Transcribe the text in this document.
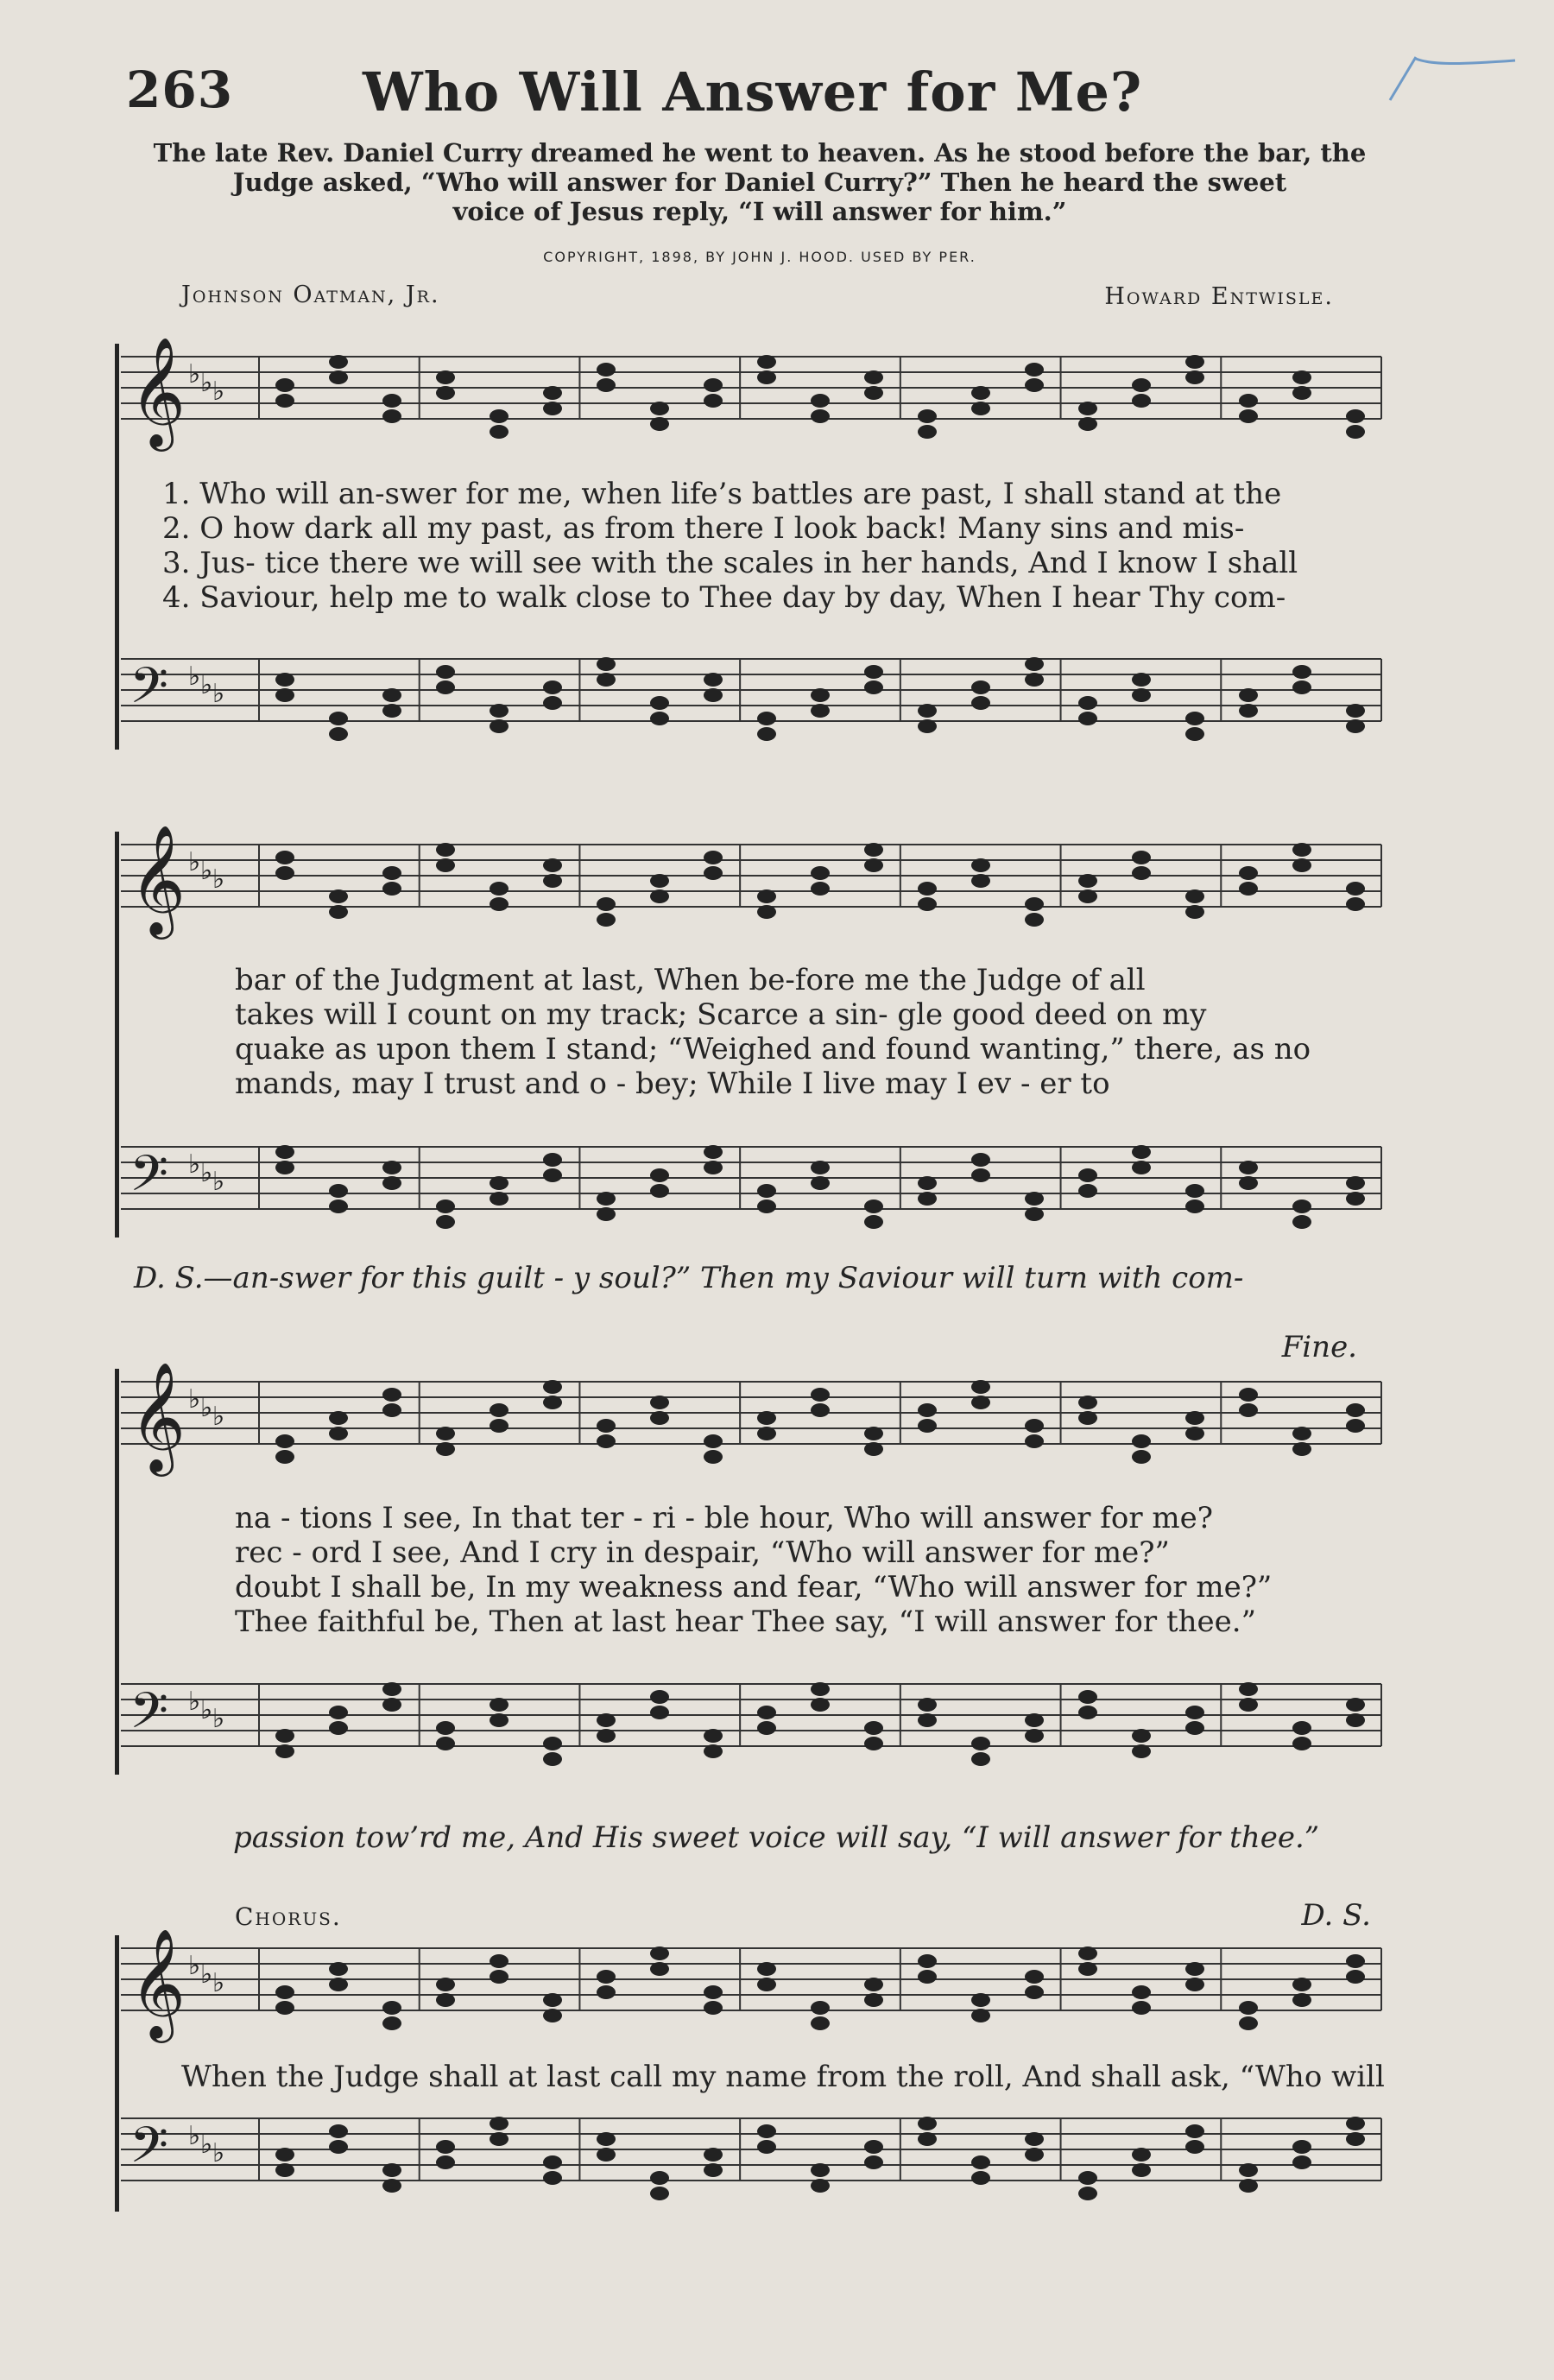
263 Who Will Answer for Me?
The late Rev. Daniel Curry dreamed he went to heaven. As he stood before the bar, the
Judge asked, “Who will answer for Daniel Curry?” Then he heard the sweet
voice of Jesus reply, “I will answer for him.”
COPYRIGHT, 1898, BY JOHN J. HOOD. USED BY PER.
Johnson Oatman, Jr.	Howard Entwisle.
𝄞 ♭ ♭ ♭
1. Who will an-swer for me, when life’s battles are past, I shall stand at the
2. O how dark all my past, as from there I look back! Many sins and mis-
3. Jus- tice there we will see with the scales in her hands, And I know I shall
4. Saviour, help me to walk close to Thee day by day, When I hear Thy com-
𝄢 ♭ ♭ ♭
𝄞 ♭ ♭ ♭
bar of the Judgment at last, When be-fore me the Judge of all
takes will I count on my track; Scarce a sin- gle good deed on my
quake as upon them I stand; “Weighed and found wanting,” there, as no
mands, may I trust and o - bey; While I live may I ev - er to
𝄢 ♭ ♭ ♭
D. S.—an-swer for this guilt - y soul?” Then my Saviour will turn with com-
Fine.
𝄞 ♭ ♭ ♭
na - tions I see, In that ter - ri - ble hour, Who will answer for me?
rec - ord I see, And I cry in despair, “Who will answer for me?”
doubt I shall be, In my weakness and fear, “Who will answer for me?”
Thee faithful be, Then at last hear Thee say, “I will answer for thee.”
𝄢 ♭ ♭ ♭
passion tow’rd me, And His sweet voice will say, “I will answer for thee.”
Chorus.	D. S.
𝄞 ♭ ♭ ♭
When the Judge shall at last call my name from the roll, And shall ask, “Who will
𝄢 ♭ ♭ ♭
